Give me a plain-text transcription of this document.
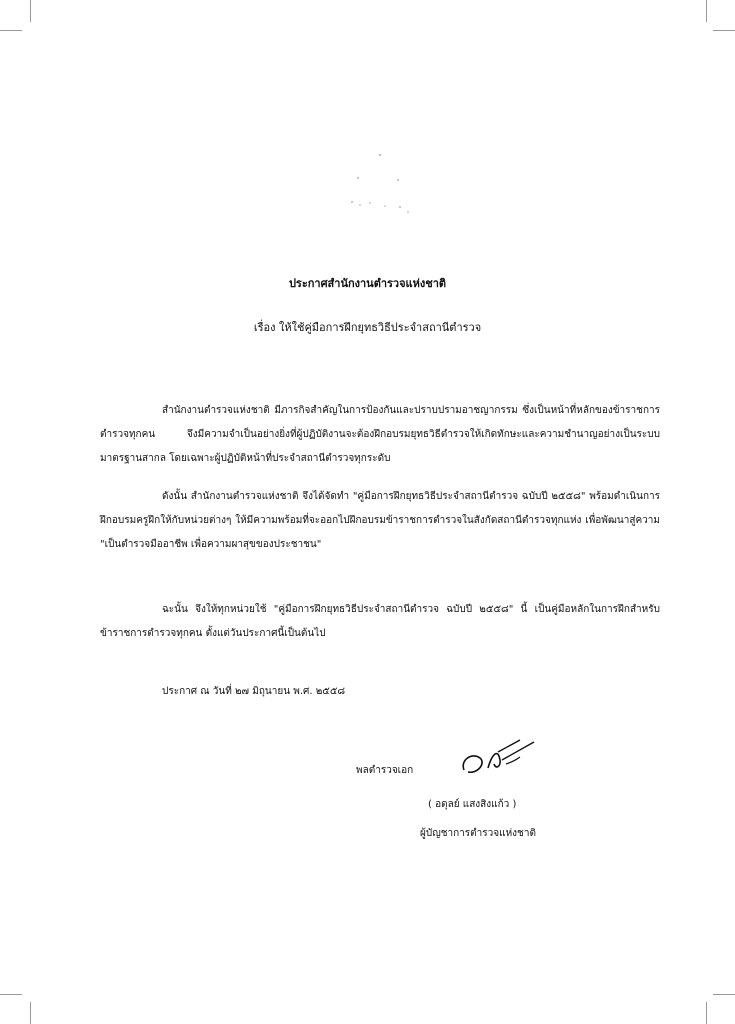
ประกาศสำนักงานตำรวจแห่งชาติ
เรื่อง ให้ใช้คู่มือการฝึกยุทธวิธีประจำสถานีตำรวจ
สำนักงานตำรวจแห่งชาติ มีภารกิจสำคัญในการป้องกันและปราบปรามอาชญากรรม ซึ่งเป็นหน้าที่หลักของข้าราชการตำรวจทุกคน จึงมีความจำเป็นอย่างยิ่งที่ผู้ปฏิบัติงานจะต้องฝึกอบรมยุทธวิธีตำรวจให้เกิดทักษะและความชำนาญอย่างเป็นระบบมาตรฐานสากล โดยเฉพาะผู้ปฏิบัติหน้าที่ประจำสถานีตำรวจทุกระดับ
ดังนั้น สำนักงานตำรวจแห่งชาติ จึงได้จัดทำ "คู่มือการฝึกยุทธวิธีประจำสถานีตำรวจ ฉบับปี ๒๕๕๘" พร้อมดำเนินการฝึกอบรมครูฝึกให้กับหน่วยต่างๆ ให้มีความพร้อมที่จะออกไปฝึกอบรมข้าราชการตำรวจในสังกัดสถานีตำรวจทุกแห่ง เพื่อพัฒนาสู่ความ "เป็นตำรวจมืออาชีพ เพื่อความผาสุขของประชาชน"
ฉะนั้น จึงให้ทุกหน่วยใช้ "คู่มือการฝึกยุทธวิธีประจำสถานีตำรวจ ฉบับปี ๒๕๕๘" นี้ เป็นคู่มือหลักในการฝึกสำหรับข้าราชการตำรวจทุกคน ตั้งแต่วันประกาศนี้เป็นต้นไป
ประกาศ ณ วันที่ ๒๗ มิถุนายน พ.ศ. ๒๕๕๘
พลตำรวจเอก
( อดุลย์ แสงสิงแก้ว )
ผู้บัญชาการตำรวจแห่งชาติ
